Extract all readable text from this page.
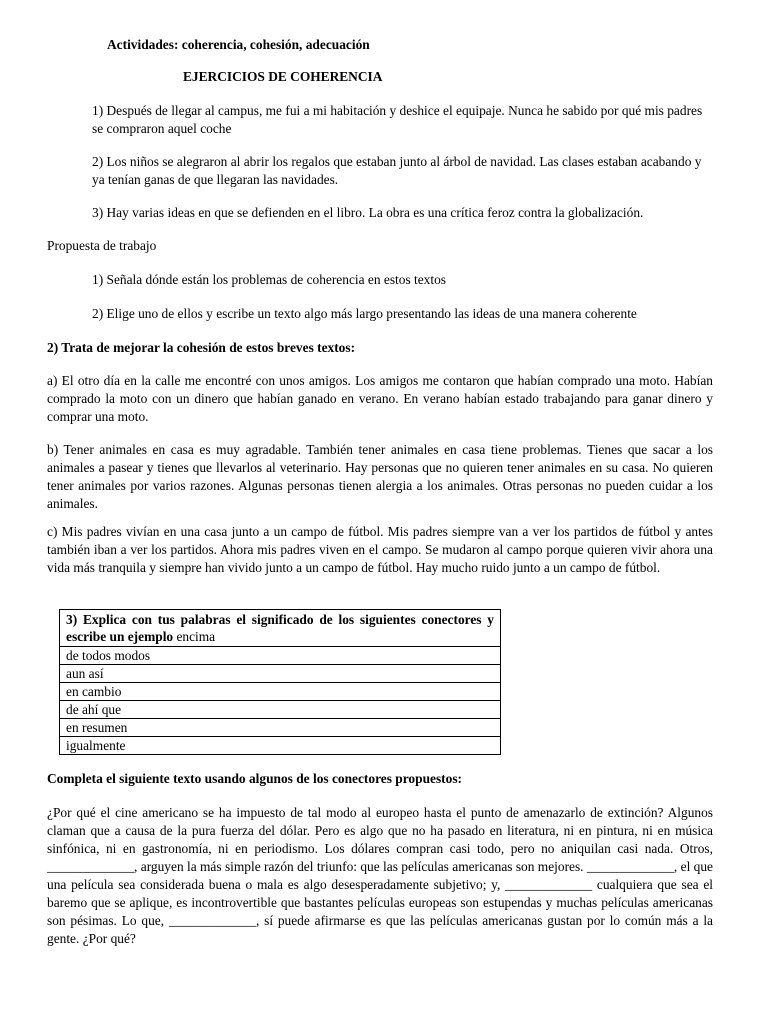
Actividades: coherencia, cohesión, adecuación

EJERCICIOS DE COHERENCIA

1) Después de llegar al campus, me fui a mi habitación y deshice el equipaje. Nunca he sabido por qué mis padres se compraron aquel coche

2) Los niños se alegraron al abrir los regalos que estaban junto al árbol de navidad. Las clases estaban acabando y ya tenían ganas de que llegaran las navidades.

3) Hay varias ideas en que se defienden en el libro. La obra es una crítica feroz contra la globalización.

Propuesta de trabajo

1) Señala dónde están los problemas de coherencia en estos textos

2) Elige uno de ellos y escribe un texto algo más largo presentando las ideas de una manera coherente

2) Trata de mejorar la cohesión de estos breves textos:

a) El otro día en la calle me encontré con unos amigos. Los amigos me contaron que habían comprado una moto. Habían comprado la moto con un dinero que habían ganado en verano. En verano habían estado trabajando para ganar dinero y comprar una moto.

b) Tener animales en casa es muy agradable. También tener animales en casa tiene problemas. Tienes que sacar a los animales a pasear y tienes que llevarlos al veterinario. Hay personas que no quieren tener animales en su casa. No quieren tener animales por varios razones. Algunas personas tienen alergia a los animales. Otras personas no pueden cuidar a los animales.

c) Mis padres vivían en una casa junto a un campo de fútbol. Mis padres siempre van a ver los partidos de fútbol y antes también iban a ver los partidos. Ahora mis padres viven en el campo. Se mudaron al campo porque quieren vivir ahora una vida más tranquila y siempre han vivido junto a un campo de fútbol. Hay mucho ruido junto a un campo de fútbol.

3) Explica con tus palabras el significado de los siguientes conectores y escribe un ejemplo encima
de todos modos
aun así
en cambio
de ahí que
en resumen
igualmente

Completa el siguiente texto usando algunos de los conectores propuestos:

¿Por qué el cine americano se ha impuesto de tal modo al europeo hasta el punto de amenazarlo de extinción? Algunos claman que a causa de la pura fuerza del dólar. Pero es algo que no ha pasado en literatura, ni en pintura, ni en música sinfónica, ni en gastronomía, ni en periodismo. Los dólares compran casi todo, pero no aniquilan casi nada. Otros, _____________, arguyen la más simple razón del triunfo: que las películas americanas son mejores. _____________, el que una película sea considerada buena o mala es algo desesperadamente subjetivo; y, _____________ cualquiera que sea el baremo que se aplique, es incontrovertible que bastantes películas europeas son estupendas y muchas películas americanas son pésimas. Lo que, _____________, sí puede afirmarse es que las películas americanas gustan por lo común más a la gente. ¿Por qué?
